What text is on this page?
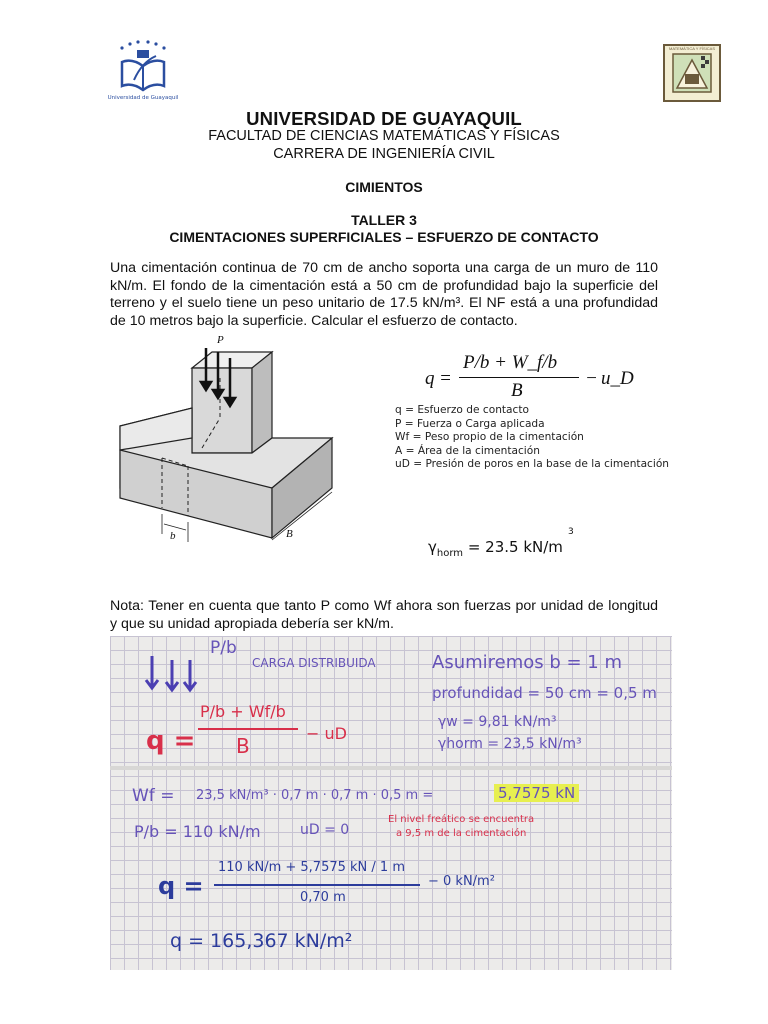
Universidad de Guayaquil
MATEMÁTICA Y FÍSICAS
UNIVERSIDAD DE GUAYAQUIL
FACULTAD DE CIENCIAS MATEMÁTICAS Y FÍSICAS
CARRERA DE INGENIERÍA CIVIL
CIMIENTOS
TALLER 3
CIMENTACIONES SUPERFICIALES – ESFUERZO DE CONTACTO
Una cimentación continua de 70 cm de ancho soporta una carga de un muro de 110 kN/m. El fondo de la cimentación está a 50 cm de profundidad bajo la superficie del terreno y el suelo tiene un peso unitario de 17.5 kN/m³. El NF está a una profundidad de 10 metros bajo la superficie. Calcular el esfuerzo de contacto.
P
b	B
q =
P/b + W_f/b
B
− u_D
q = Esfuerzo de contacto
P = Fuerza o Carga aplicada
Wf = Peso propio de la cimentación
A = Área de la cimentación
uD = Presión de poros en la base de la cimentación
$\gamma_{horm} = 23.5$ kN/m
3
Nota: Tener en cuenta que tanto P como Wf ahora son fuerzas por unidad de longitud y que su unidad apropiada debería ser kN/m.
P/b
CARGA DISTRIBUIDA	Asumiremos b = 1 m
profundidad = 50 cm = 0,5 m
γw = 9,81 kN/m³
γhorm = 23,5 kN/m³
q =
P/b + Wf/b
B
− uD
Wf = 23,5 kN/m³ · 0,7 m · 0,7 m · 0,5 m =	5,7575 kN
P/b = 110 kN/m	uD = 0
El nivel freático se encuentra
a 9,5 m de la cimentación
q =
110 kN/m + 5,7575 kN / 1 m
0,70 m
− 0 kN/m²
q = 165,367 kN/m²
